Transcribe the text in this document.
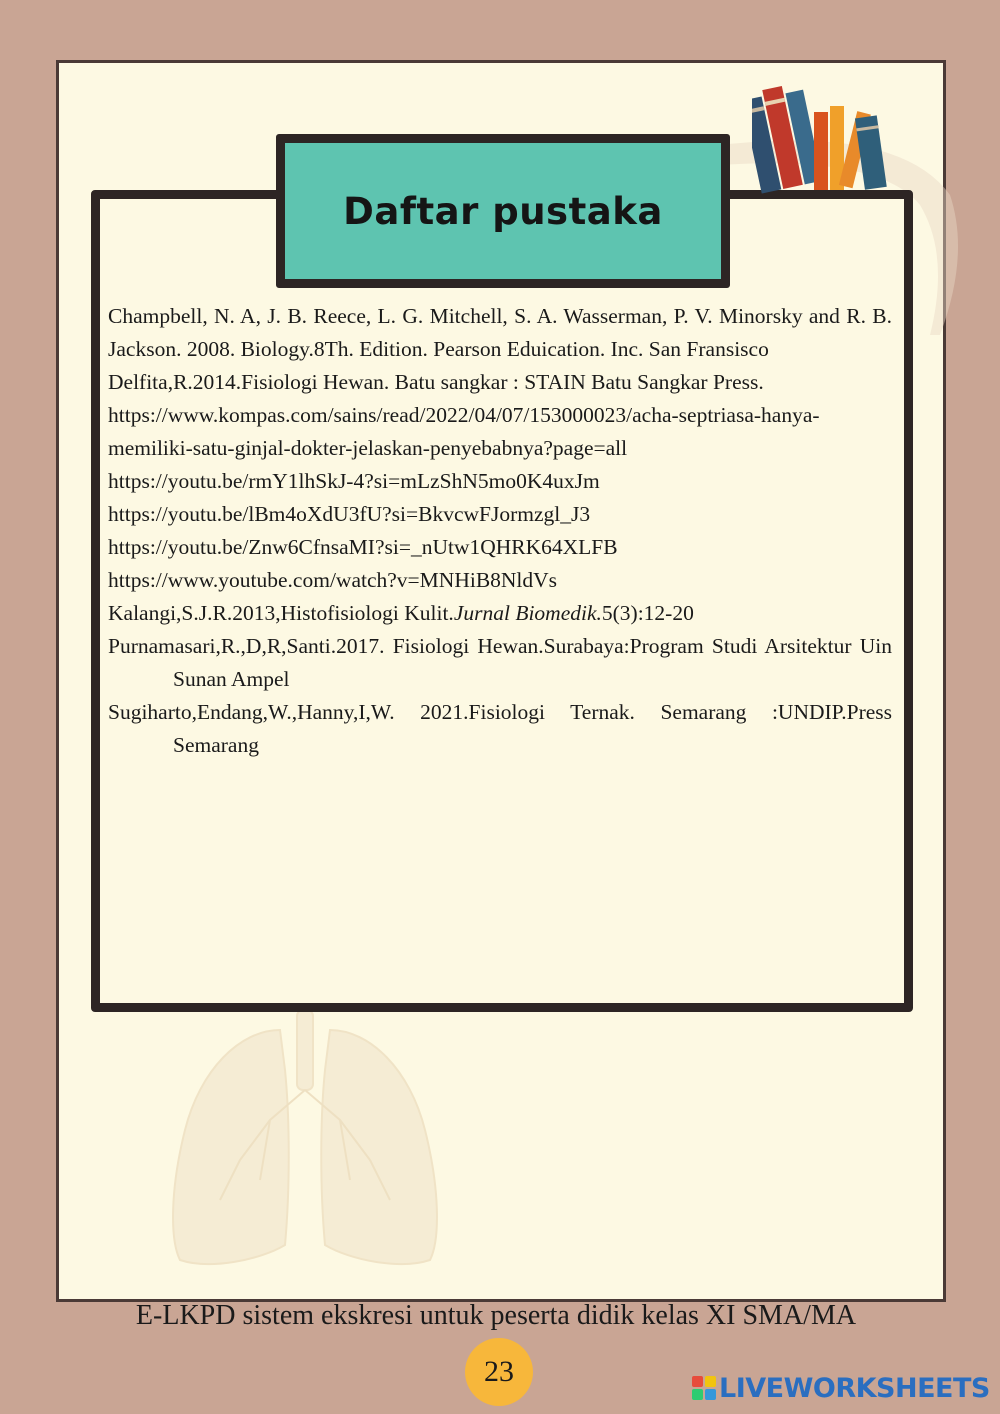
Daftar pustaka

Champbell, N. A, J. B. Reece, L. G. Mitchell, S. A. Wasserman, P. V. Minorsky and R. B. Jackson. 2008. Biology.8Th. Edition. Pearson Eduication. Inc. San Fransisco

Delfita,R.2014.Fisiologi Hewan. Batu sangkar : STAIN Batu Sangkar Press.

https://www.kompas.com/sains/read/2022/04/07/153000023/acha-septriasa-hanya-memiliki-satu-ginjal-dokter-jelaskan-penyebabnya?page=all

https://youtu.be/rmY1lhSkJ-4?si=mLzShN5mo0K4uxJm

https://youtu.be/lBm4oXdU3fU?si=BkvcwFJormzgl_J3

https://youtu.be/Znw6CfnsaMI?si=_nUtw1QHRK64XLFB

https://www.youtube.com/watch?v=MNHiB8NldVs

Kalangi,S.J.R.2013,Histofisiologi Kulit.Jurnal Biomedik.5(3):12-20

Purnamasari,R.,D,R,Santi.2017. Fisiologi Hewan.Surabaya:Program Studi Arsitektur Uin Sunan Ampel

Sugiharto,Endang,W.,Hanny,I,W. 2021.Fisiologi Ternak. Semarang :UNDIP.Press Semarang

E-LKPD sistem ekskresi untuk peserta didik kelas XI SMA/MA
23	LIVEWORKSHEETS
